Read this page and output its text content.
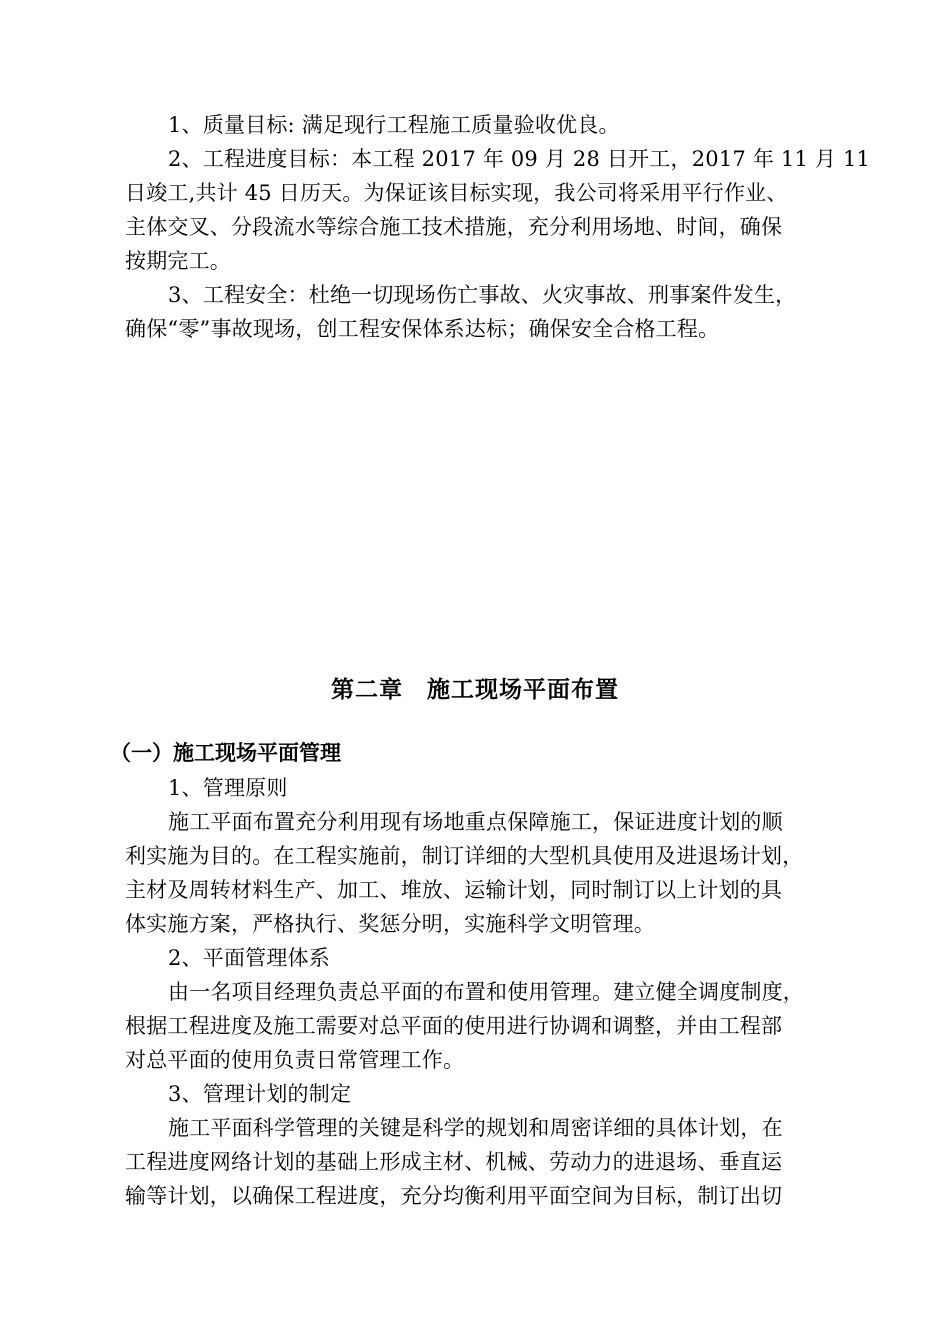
1、质量目标: 满足现行工程施工质量验收优良。
2、工程进度目标：本工程 2017 年 09 月 28 日开工，2017 年 11 月 11
日竣工,共计 45 日历天。为保证该目标实现，我公司将采用平行作业、
主体交叉、分段流水等综合施工技术措施，充分利用场地、时间，确保
按期完工。
3、工程安全：杜绝一切现场伤亡事故、火灾事故、刑事案件发生，
确保“零”事故现场，创工程安保体系达标；确保安全合格工程。
第二章　施工现场平面布置
（一）施工现场平面管理
1、管理原则
施工平面布置充分利用现有场地重点保障施工，保证进度计划的顺
利实施为目的。在工程实施前，制订详细的大型机具使用及进退场计划，
主材及周转材料生产、加工、堆放、运输计划，同时制订以上计划的具
体实施方案，严格执行、奖惩分明，实施科学文明管理。
2、平面管理体系
由一名项目经理负责总平面的布置和使用管理。建立健全调度制度，
根据工程进度及施工需要对总平面的使用进行协调和调整，并由工程部
对总平面的使用负责日常管理工作。
3、管理计划的制定
施工平面科学管理的关键是科学的规划和周密详细的具体计划，在
工程进度网络计划的基础上形成主材、机械、劳动力的进退场、垂直运
输等计划，以确保工程进度，充分均衡利用平面空间为目标，制订出切
